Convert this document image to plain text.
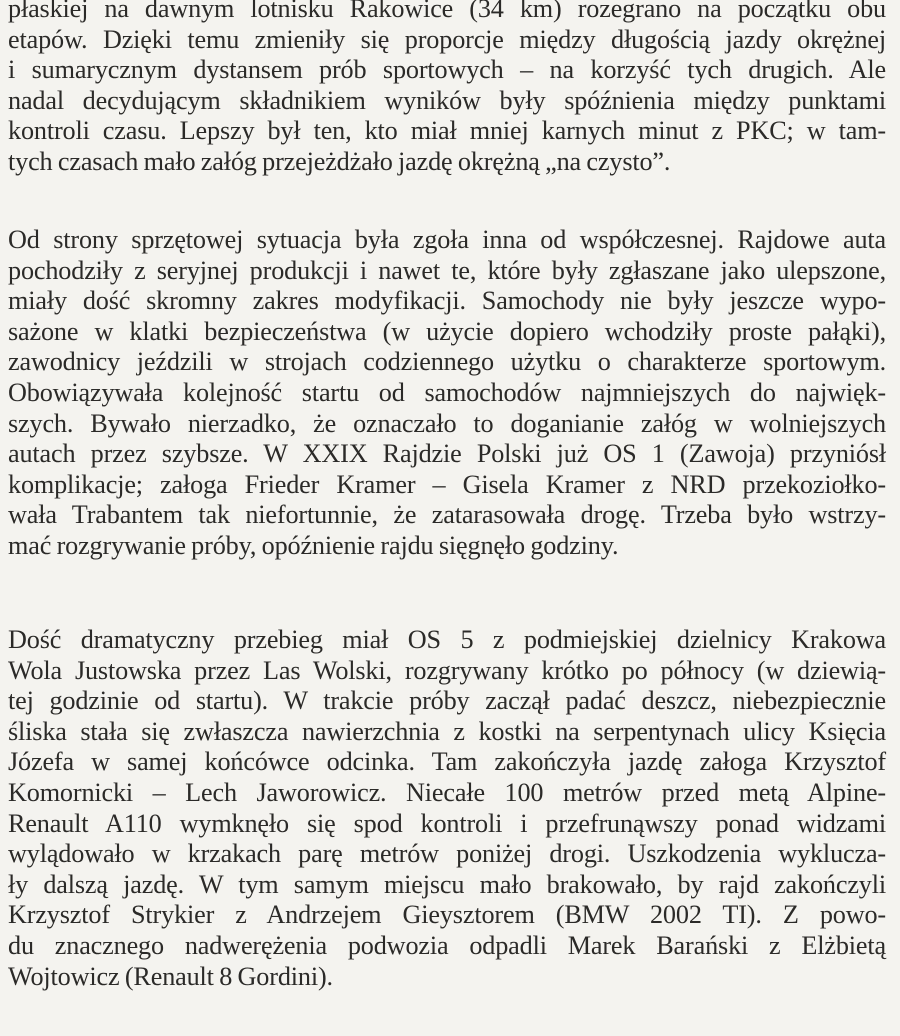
płaskiej na dawnym lotnisku Rakowice (34 km) rozegrano na początku obu
etapów. Dzięki temu zmieniły się proporcje między długością jazdy okrężnej
i sumarycznym dystansem prób sportowych – na korzyść tych drugich. Ale
nadal decydującym składnikiem wyników były spóźnienia między punktami
kontroli czasu. Lepszy był ten, kto miał mniej karnych minut z PKC; w tam-
tych czasach mało załóg przejeżdżało jazdę okrężną „na czysto”.
Od strony sprzętowej sytuacja była zgoła inna od współczesnej. Rajdowe auta
pochodziły z seryjnej produkcji i nawet te, które były zgłaszane jako ulepszone,
miały dość skromny zakres modyfikacji. Samochody nie były jeszcze wypo-
sażone w klatki bezpieczeństwa (w użycie dopiero wchodziły proste pałąki),
zawodnicy jeździli w strojach codziennego użytku o charakterze sportowym.
Obowiązywała kolejność startu od samochodów najmniejszych do najwięk-
szych. Bywało nierzadko, że oznaczało to doganianie załóg w wolniejszych
autach przez szybsze. W XXIX Rajdzie Polski już OS 1 (Zawoja) przyniósł
komplikacje; załoga Frieder Kramer – Gisela Kramer z NRD przekoziołko-
wała Trabantem tak niefortunnie, że zatarasowała drogę. Trzeba było wstrzy-
mać rozgrywanie próby, opóźnienie rajdu sięgnęło godziny.
Dość dramatyczny przebieg miał OS 5 z podmiejskiej dzielnicy Krakowa
Wola Justowska przez Las Wolski, rozgrywany krótko po północy (w dziewią-
tej godzinie od startu). W trakcie próby zaczął padać deszcz, niebezpiecznie
śliska stała się zwłaszcza nawierzchnia z kostki na serpentynach ulicy Księcia
Józefa w samej końcówce odcinka. Tam zakończyła jazdę załoga Krzysztof
Komornicki – Lech Jaworowicz. Niecałe 100 metrów przed metą Alpine-
Renault A110 wymknęło się spod kontroli i przefrunąwszy ponad widzami
wylądowało w krzakach parę metrów poniżej drogi. Uszkodzenia wyklucza-
ły dalszą jazdę. W tym samym miejscu mało brakowało, by rajd zakończyli
Krzysztof Strykier z Andrzejem Gieysztorem (BMW 2002 TI). Z powo-
du znacznego nadwerężenia podwozia odpadli Marek Barański z Elżbietą
Wojtowicz (Renault 8 Gordini).
